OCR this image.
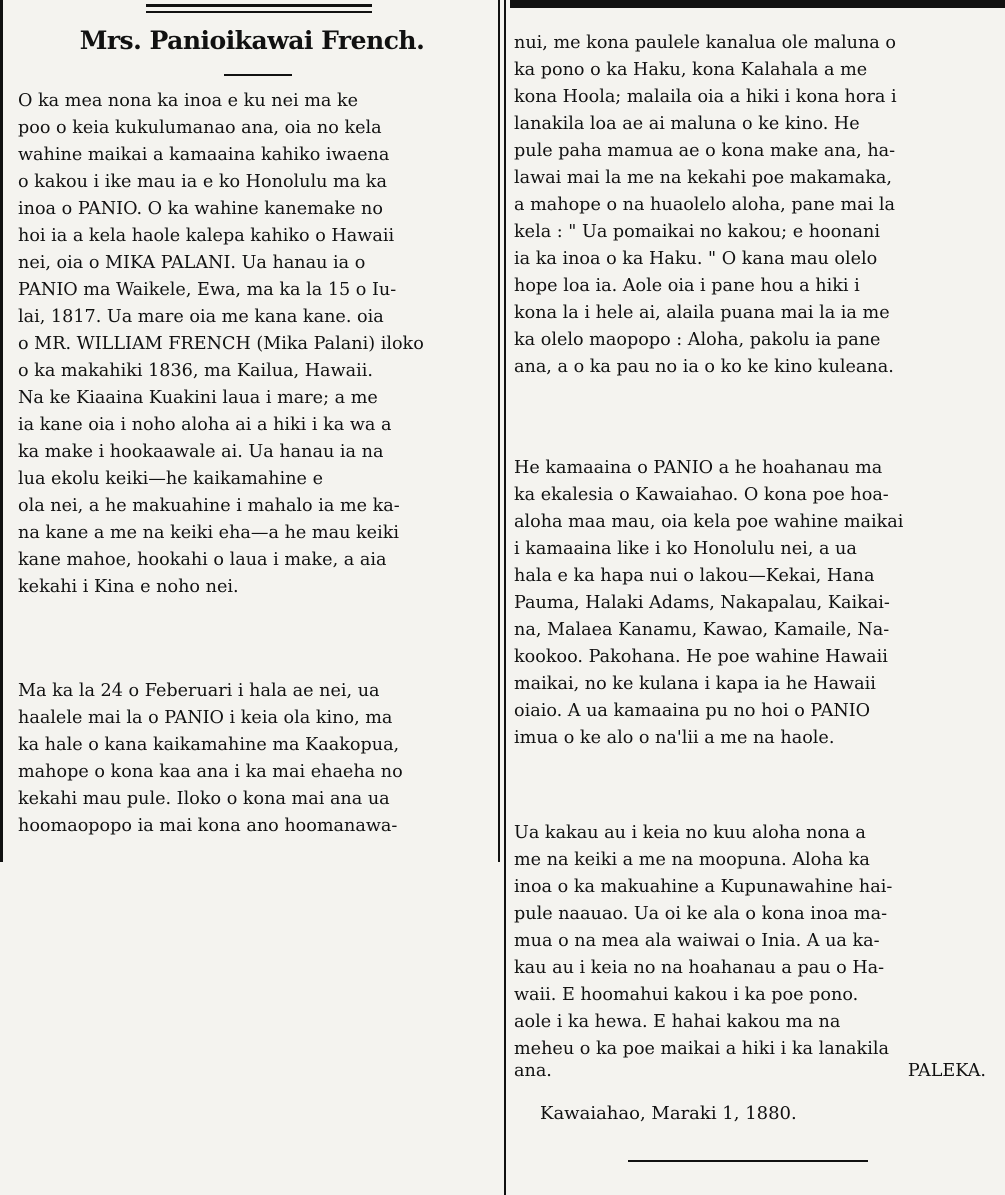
Mrs. Panioikawai French.
O ka mea nona ka inoa e ku nei ma ke
poo o keia kukulumanao ana, oia no kela
wahine maikai a kamaaina kahiko iwaena
o kakou i ike mau ia e ko Honolulu ma ka
inoa o PANIO. O ka wahine kanemake no
hoi ia a kela haole kalepa kahiko o Hawaii
nei, oia o MIKA PALANI. Ua hanau ia o
PANIO ma Waikele, Ewa, ma ka la 15 o Iu-
lai, 1817. Ua mare oia me kana kane. oia
o MR. WILLIAM FRENCH (Mika Palani) iloko
o ka makahiki 1836, ma Kailua, Hawaii.
Na ke Kiaaina Kuakini laua i mare; a me
ia kane oia i noho aloha ai a hiki i ka wa a
ka make i hookaawale ai. Ua hanau ia na
lua ekolu keiki—he kaikamahine e
ola nei, a he makuahine i mahalo ia me ka-
na kane a me na keiki eha—a he mau keiki
kane mahoe, hookahi o laua i make, a aia
kekahi i Kina e noho nei.
Ma ka la 24 o Feberuari i hala ae nei, ua
haalele mai la o PANIO i keia ola kino, ma
ka hale o kana kaikamahine ma Kaakopua,
mahope o kona kaa ana i ka mai ehaeha no
kekahi mau pule. Iloko o kona mai ana ua
hoomaopopo ia mai kona ano hoomanawa-
nui, me kona paulele kanalua ole maluna o
ka pono o ka Haku, kona Kalahala a me
kona Hoola; malaila oia a hiki i kona hora i
lanakila loa ae ai maluna o ke kino. He
pule paha mamua ae o kona make ana, ha-
lawai mai la me na kekahi poe makamaka,
a mahope o na huaolelo aloha, pane mai la
kela : " Ua pomaikai no kakou; e hoonani
ia ka inoa o ka Haku. " O kana mau olelo
hope loa ia. Aole oia i pane hou a hiki i
kona la i hele ai, alaila puana mai la ia me
ka olelo maopopo : Aloha, pakolu ia pane
ana, a o ka pau no ia o ko ke kino kuleana.
He kamaaina o PANIO a he hoahanau ma
ka ekalesia o Kawaiahao. O kona poe hoa-
aloha maa mau, oia kela poe wahine maikai
i kamaaina like i ko Honolulu nei, a ua
hala e ka hapa nui o lakou—Kekai, Hana
Pauma, Halaki Adams, Nakapalau, Kaikai-
na, Malaea Kanamu, Kawao, Kamaile, Na-
kookoo. Pakohana. He poe wahine Hawaii
maikai, no ke kulana i kapa ia he Hawaii
oiaio. A ua kamaaina pu no hoi o PANIO
imua o ke alo o na'lii a me na haole.
Ua kakau au i keia no kuu aloha nona a
me na keiki a me na moopuna. Aloha ka
inoa o ka makuahine a Kupunawahine hai-
pule naauao. Ua oi ke ala o kona inoa ma-
mua o na mea ala waiwai o Inia. A ua ka-
kau au i keia no na hoahanau a pau o Ha-
waii. E hoomahui kakou i ka poe pono.
aole i ka hewa. E hahai kakou ma na
meheu o ka poe maikai a hiki i ka lanakila
ana.	PALEKA.
Kawaiahao, Maraki 1, 1880.
